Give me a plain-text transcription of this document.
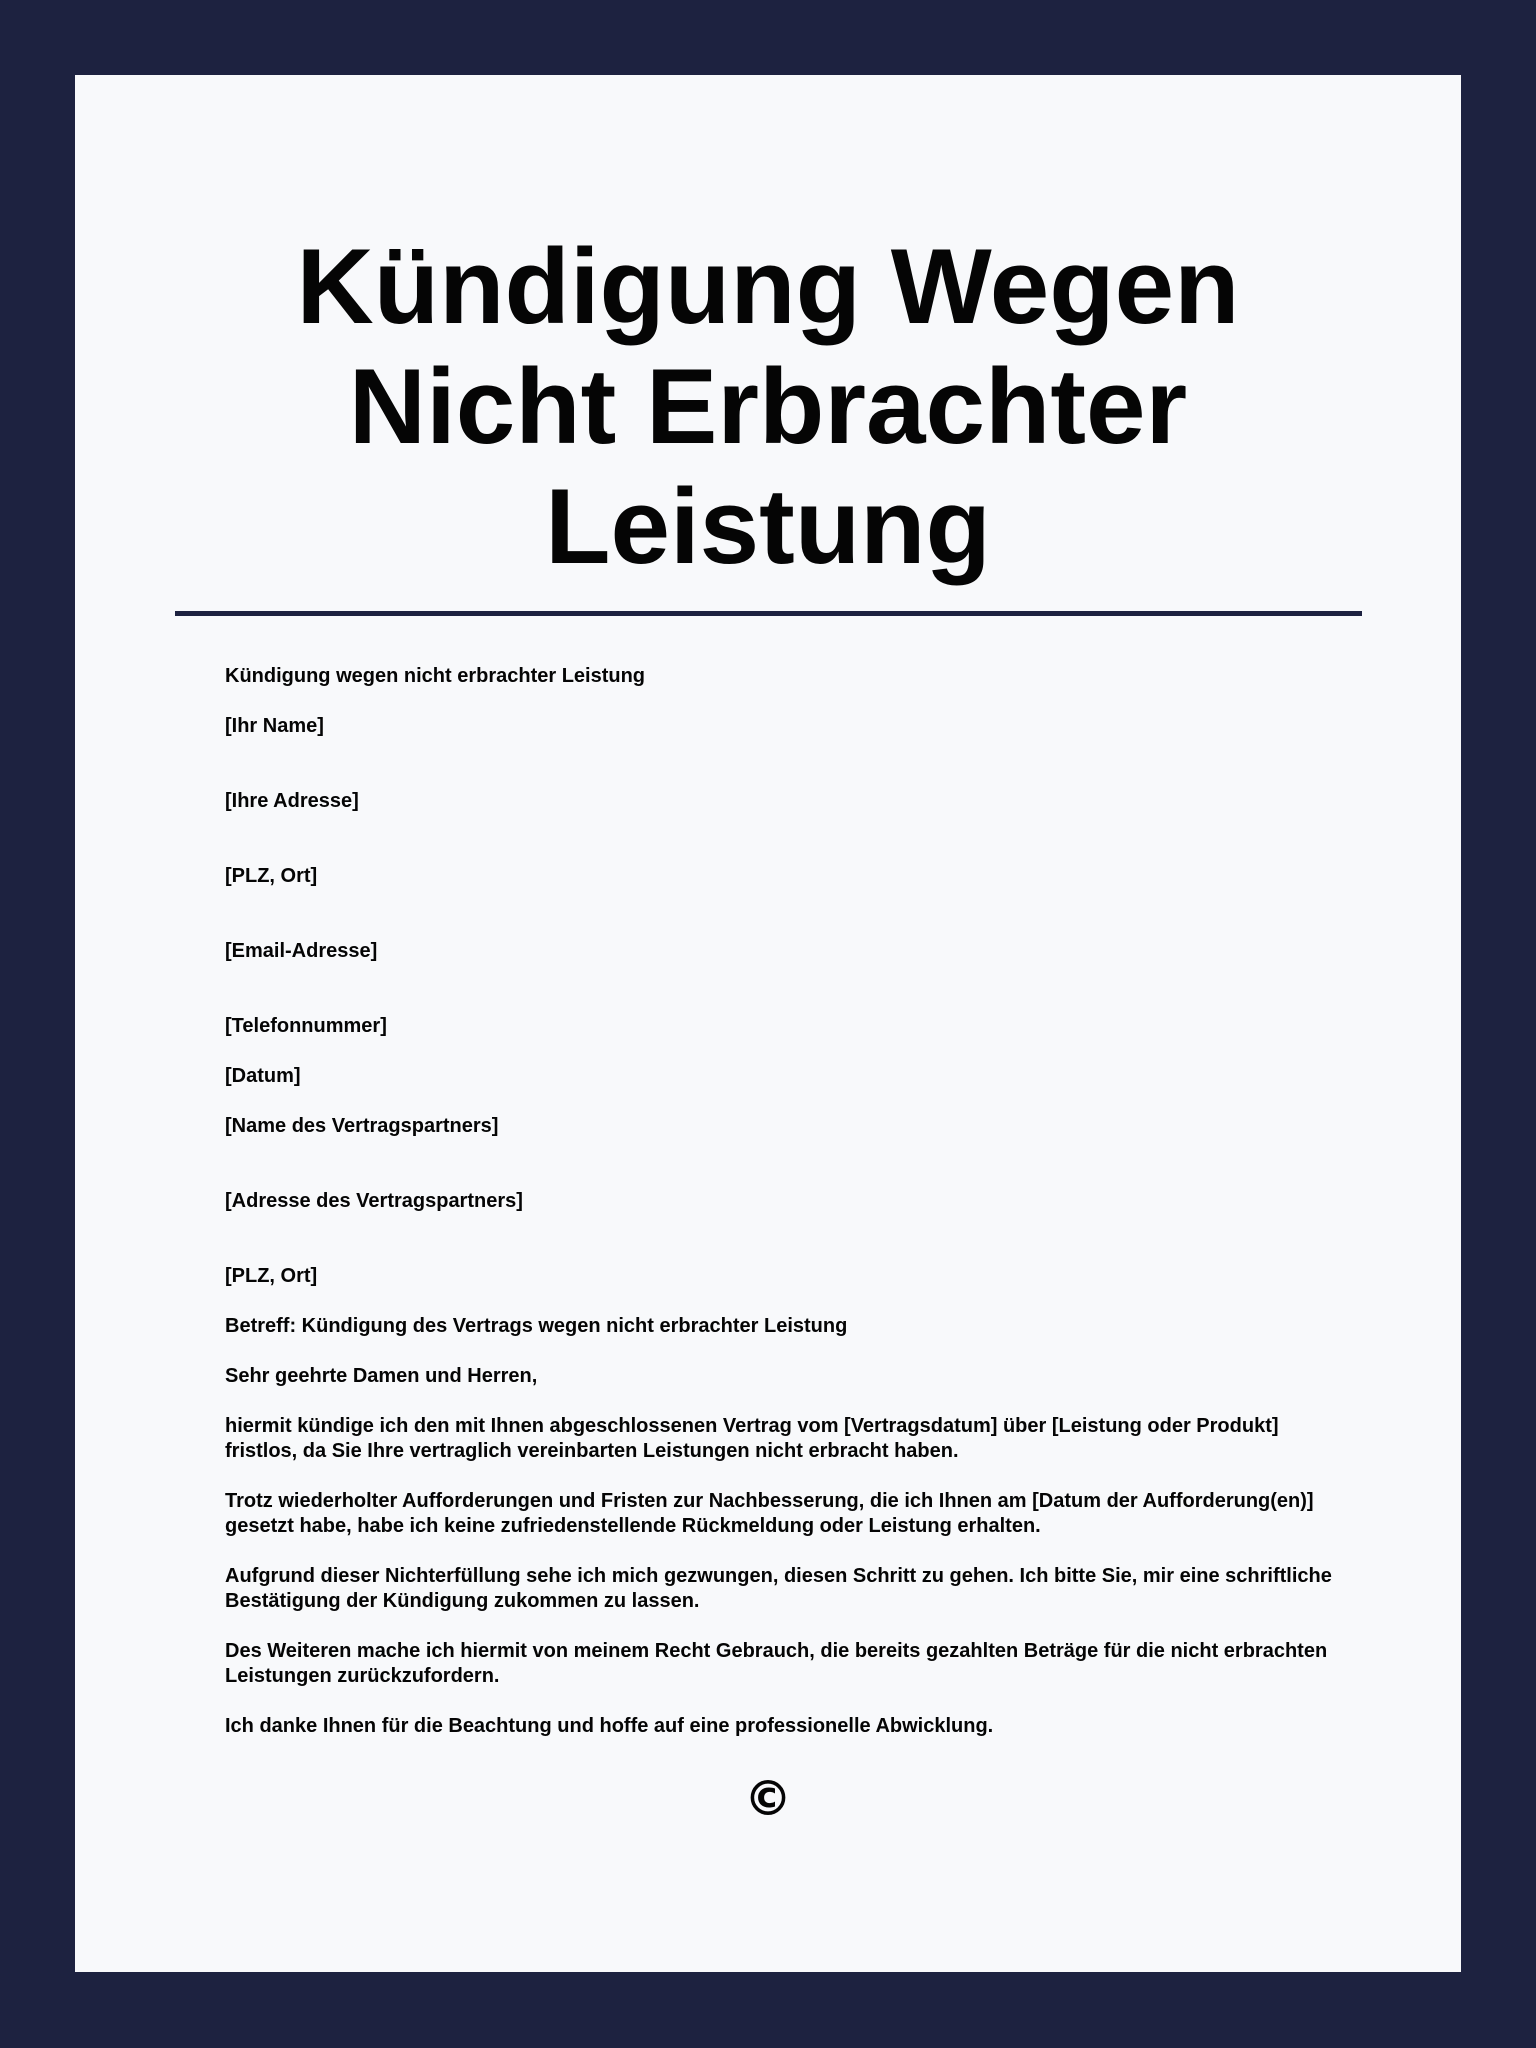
Kündigung Wegen
Nicht Erbrachter
Leistung

Kündigung wegen nicht erbrachter Leistung

[Ihr Name]

[Ihre Adresse]

[PLZ, Ort]

[Email-Adresse]

[Telefonnummer]

[Datum]

[Name des Vertragspartners]

[Adresse des Vertragspartners]

[PLZ, Ort]

Betreff: Kündigung des Vertrags wegen nicht erbrachter Leistung

Sehr geehrte Damen und Herren,

hiermit kündige ich den mit Ihnen abgeschlossenen Vertrag vom [Vertragsdatum] über [Leistung oder Produkt] fristlos, da Sie Ihre vertraglich vereinbarten Leistungen nicht erbracht haben.

Trotz wiederholter Aufforderungen und Fristen zur Nachbesserung, die ich Ihnen am [Datum der Aufforderung(en)] gesetzt habe, habe ich keine zufriedenstellende Rückmeldung oder Leistung erhalten.

Aufgrund dieser Nichterfüllung sehe ich mich gezwungen, diesen Schritt zu gehen. Ich bitte Sie, mir eine schriftliche Bestätigung der Kündigung zukommen zu lassen.

Des Weiteren mache ich hiermit von meinem Recht Gebrauch, die bereits gezahlten Beträge für die nicht erbrachten Leistungen zurückzufordern.

Ich danke Ihnen für die Beachtung und hoffe auf eine professionelle Abwicklung.

©
